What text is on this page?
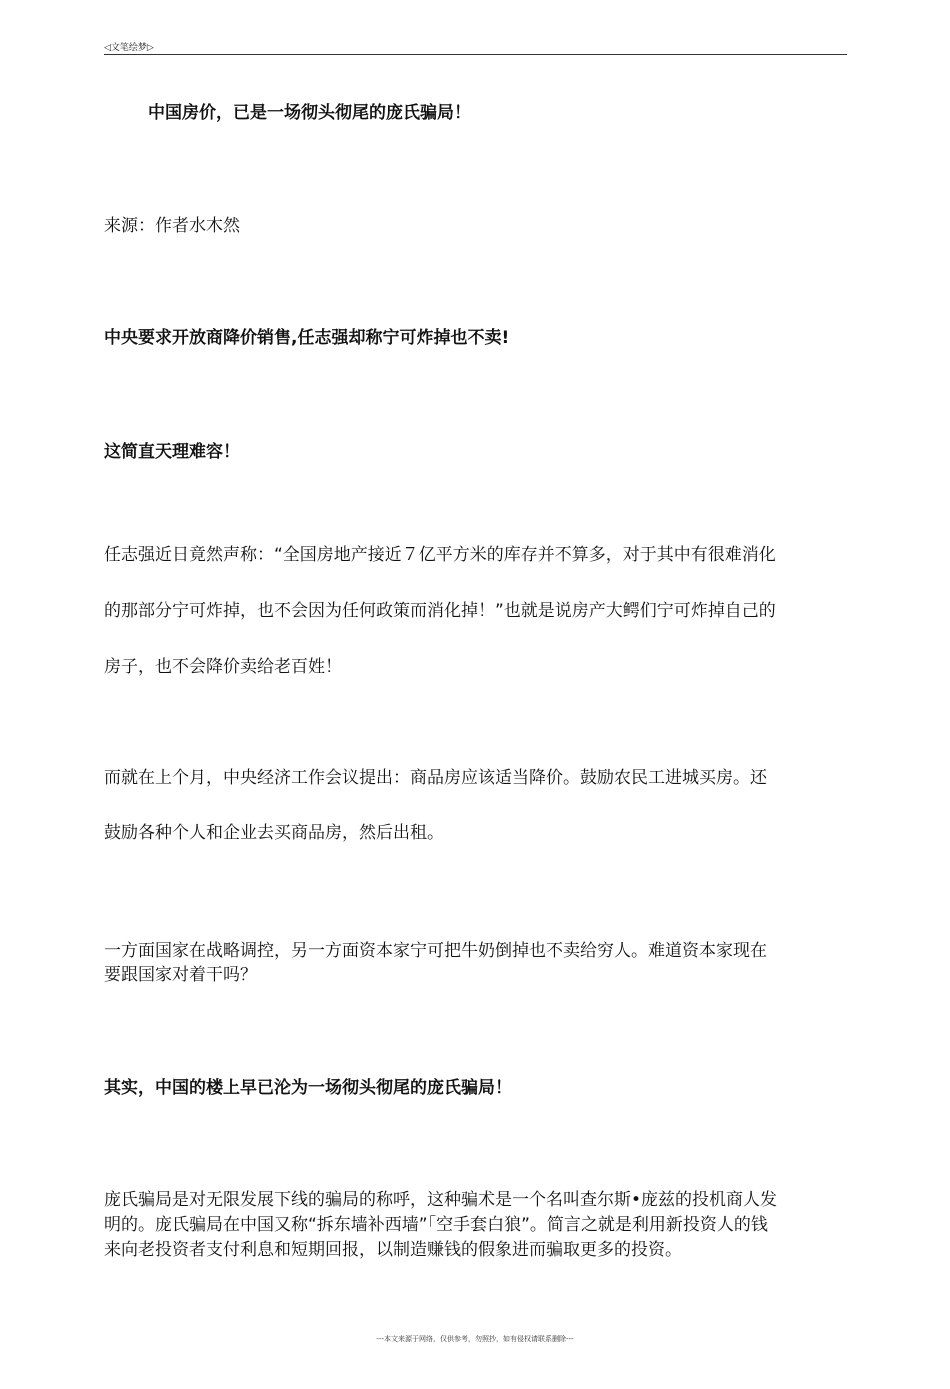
◁文笔绘梦▷
中国房价，已是一场彻头彻尾的庞氏骗局！
来源：作者水木然
中央要求开放商降价销售,任志强却称宁可炸掉也不卖!
这简直天理难容！
任志强近日竟然声称：“全国房地产接近７亿平方米的库存并不算多，对于其中有很难消化
的那部分宁可炸掉，也不会因为任何政策而消化掉！”也就是说房产大鳄们宁可炸掉自己的
房子，也不会降价卖给老百姓！
而就在上个月，中央经济工作会议提出：商品房应该适当降价。鼓励农民工进城买房。还
鼓励各种个人和企业去买商品房，然后出租。
一方面国家在战略调控，另一方面资本家宁可把牛奶倒掉也不卖给穷人。难道资本家现在
要跟国家对着干吗？
其实，中国的楼上早已沦为一场彻头彻尾的庞氏骗局！
庞氏骗局是对无限发展下线的骗局的称呼，这种骗术是一个名叫查尔斯•庞兹的投机商人发
明的。庞氏骗局在中国又称“拆东墙补西墙”「空手套白狼”。简言之就是利用新投资人的钱
来向老投资者支付利息和短期回报，以制造赚钱的假象进而骗取更多的投资。
---本文来源于网络，仅供参考，勿照抄，如有侵权请联系删除---
